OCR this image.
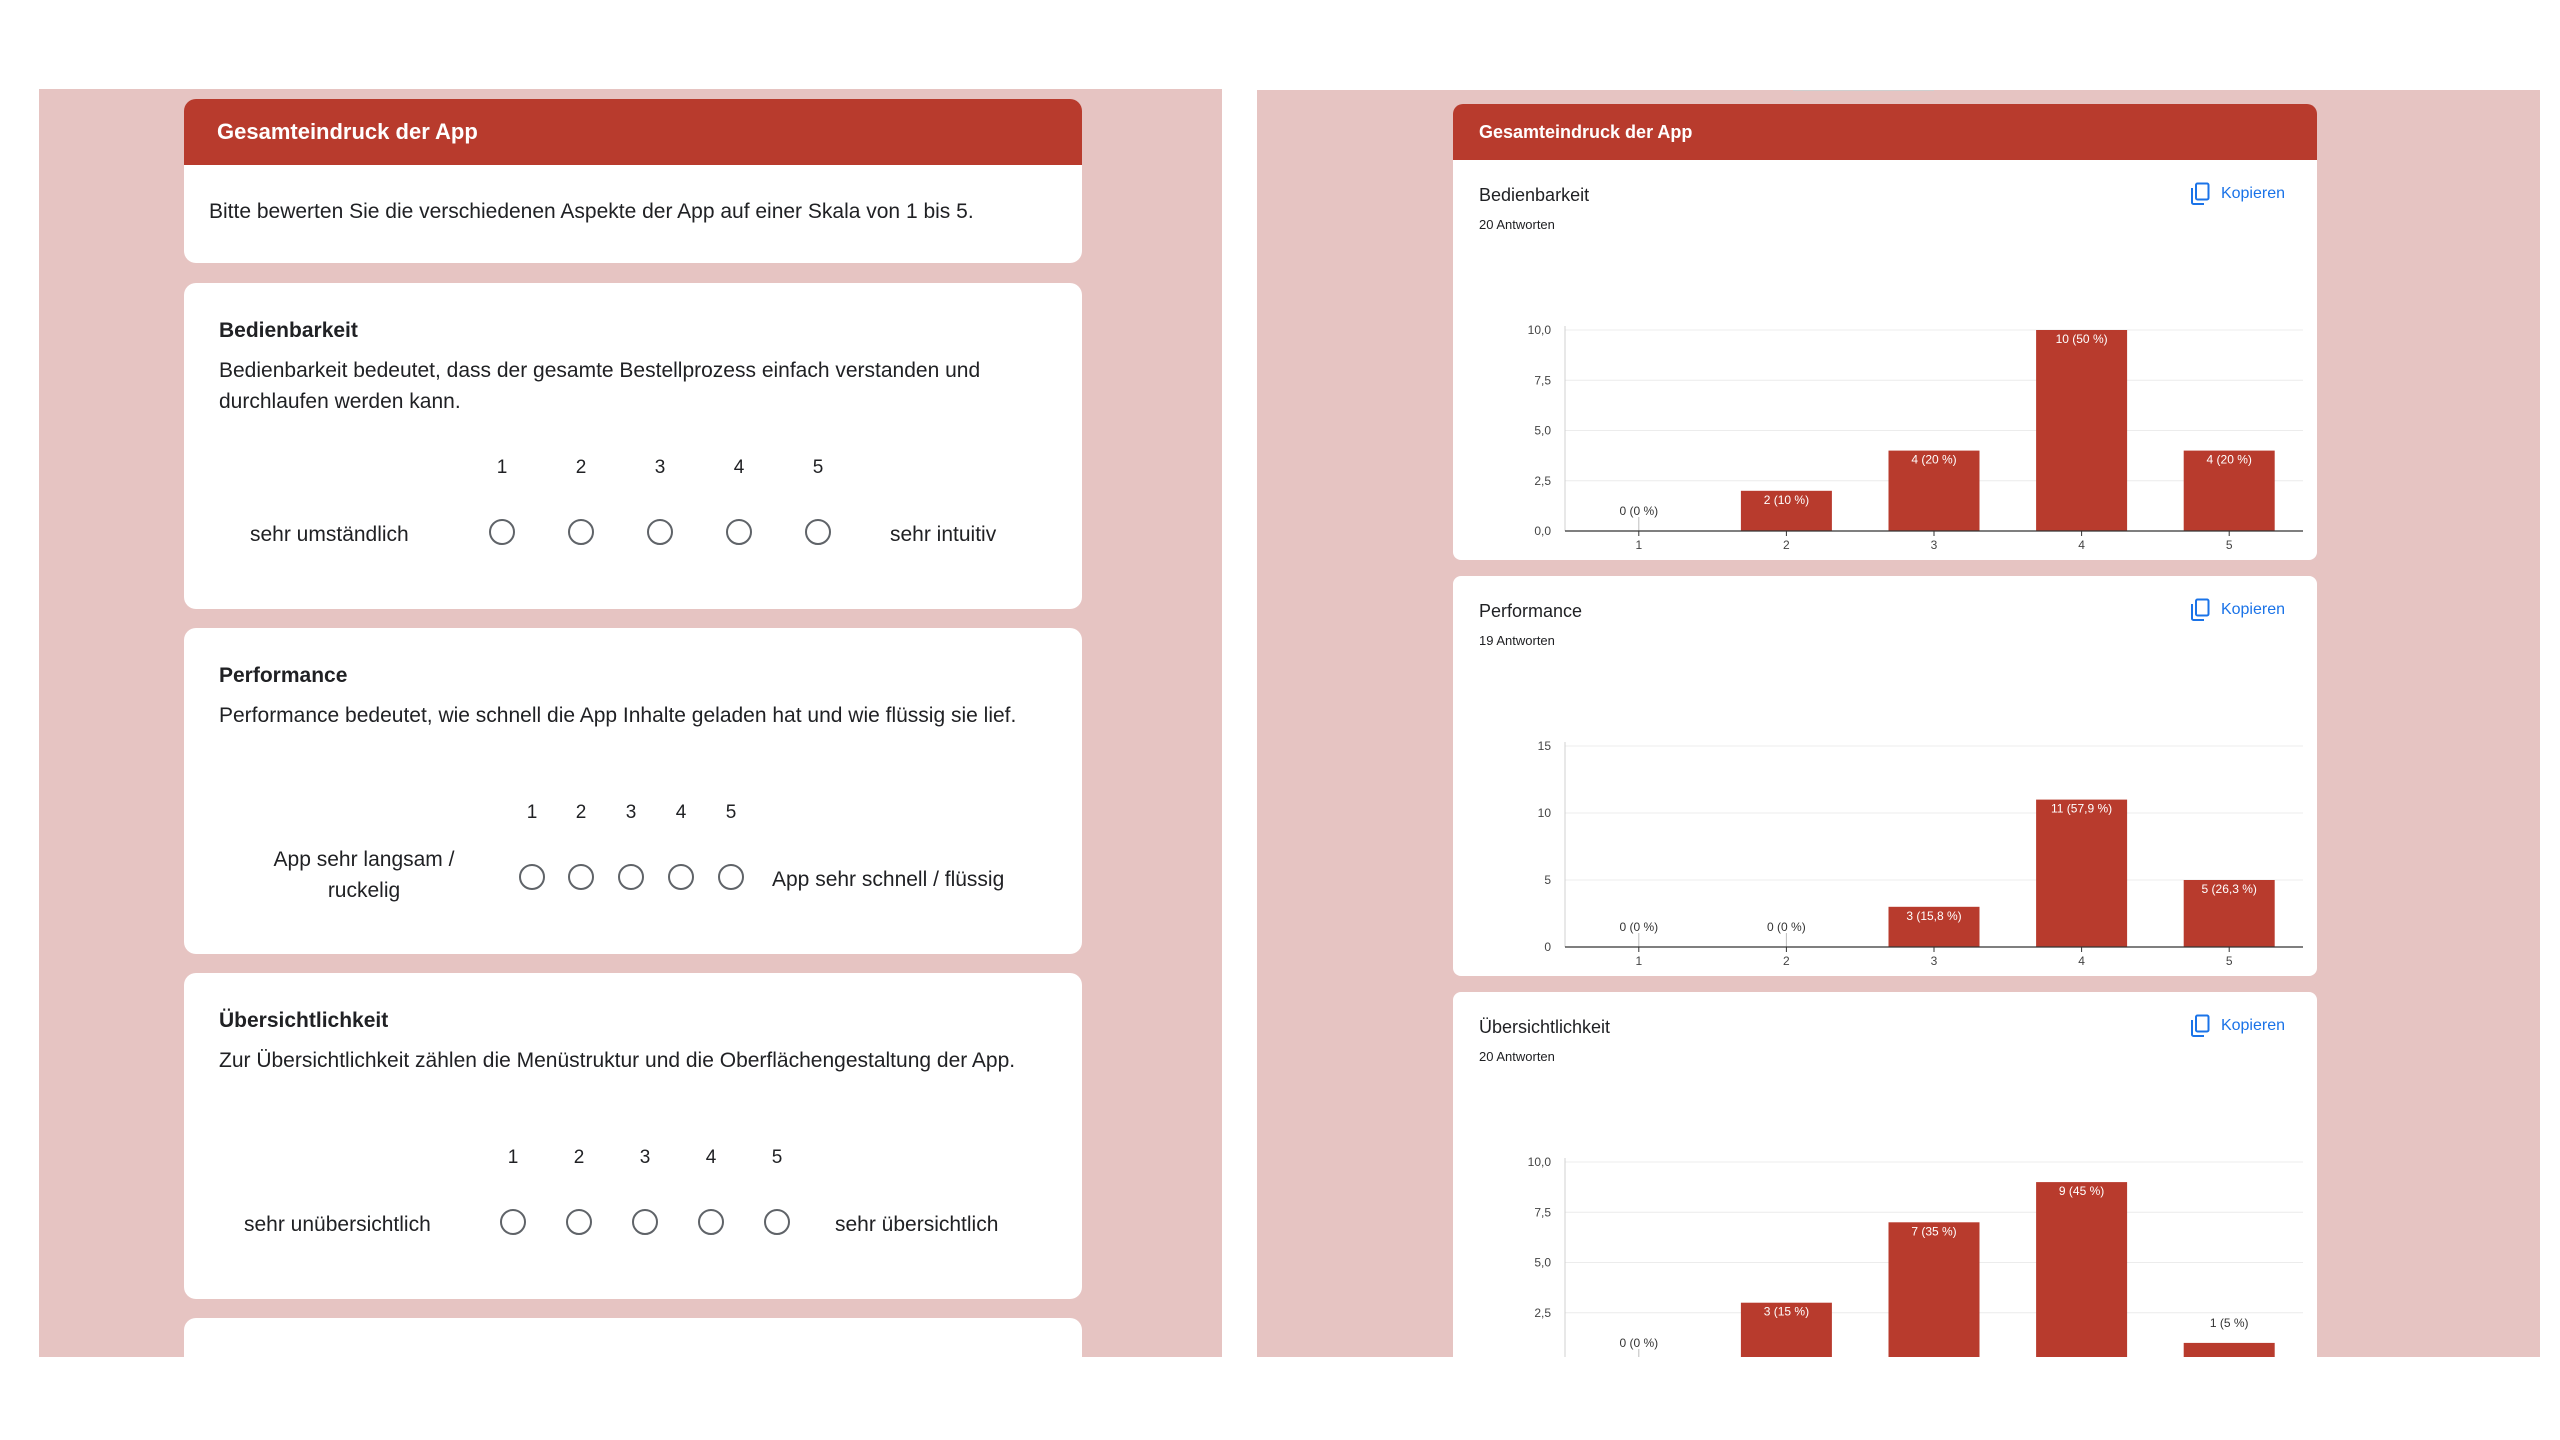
Gesamteindruck der App
Bitte bewerten Sie die verschiedenen Aspekte der App auf einer Skala von 1 bis 5.
Bedienbarkeit
Bedienbarkeit bedeutet, dass der gesamte Bestellprozess einfach verstanden und durchlaufen werden kann.
1	2	3	4	5
sehr umständlich	sehr intuitiv
Performance
Performance bedeutet, wie schnell die App Inhalte geladen hat und wie flüssig sie lief.
1 2 3 4 5
App sehr langsam / ruckelig	App sehr schnell / flüssig
Übersichtlichkeit
Zur Übersichtlichkeit zählen die Menüstruktur und die Oberflächengestaltung der App.
1	2	3	4	5
sehr unübersichtlich	sehr übersichtlich
Gesamteindruck der App
Bedienbarkeit
20 Antworten
Kopieren
0,0
2,5
5,0
7,5
10,0
0 (0 %)
1
2 (10 %)
2
4 (20 %)
3
10 (50 %)
4
4 (20 %)
5
Performance
19 Antworten
Kopieren
0
5
10
15
0 (0 %)
1
0 (0 %)
2
3 (15,8 %)
3
11 (57,9 %)
4
5 (26,3 %)
5
Übersichtlichkeit
20 Antworten
Kopieren
0,0
2,5
5,0
7,5
10,0
0 (0 %)
1
3 (15 %)
2
7 (35 %)
3
9 (45 %)
4
1 (5 %)
5
